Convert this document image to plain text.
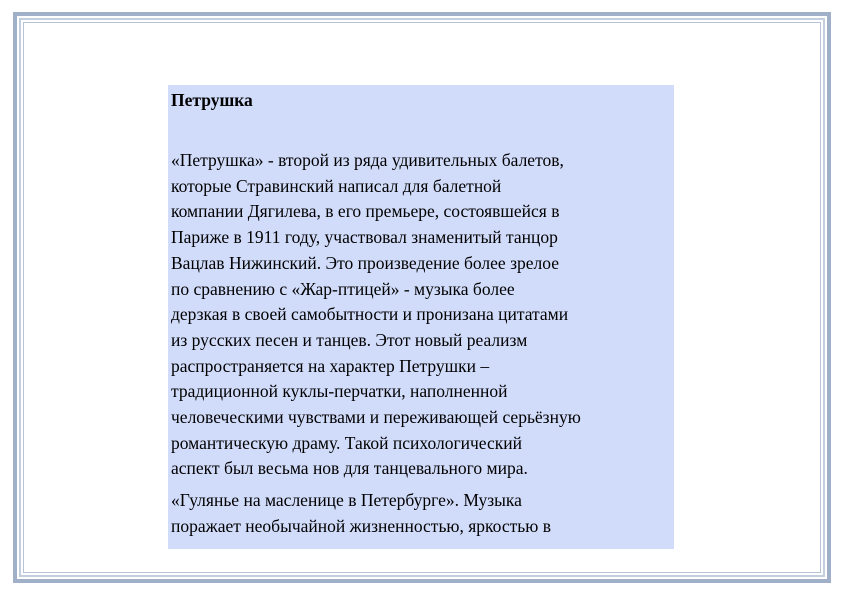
Петрушка

«Петрушка» - второй из ряда удивительных балетов,
которые Стравинский написал для балетной
компании Дягилева, в его премьере, состоявшейся в
Париже в 1911 году, участвовал знаменитый танцор
Вацлав Нижинский. Это произведение более зрелое
по сравнению с «Жар-птицей» - музыка более
дерзкая в своей самобытности и пронизана цитатами
из русских песен и танцев. Этот новый реализм
распространяется на характер Петрушки –
традиционной куклы-перчатки, наполненной
человеческими чувствами и переживающей серьёзную
романтическую драму. Такой психологический
аспект был весьма нов для танцевального мира.
«Гулянье на масленице в Петербурге». Музыка
поражает необычайной жизненностью, яркостью в
